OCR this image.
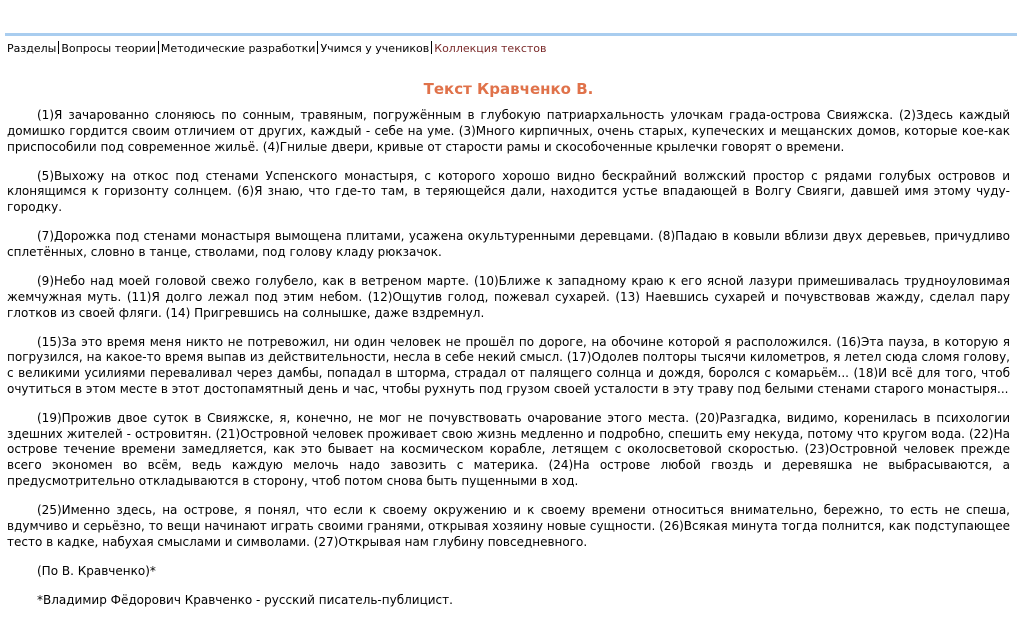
Разделы Вопросы теории Методические разработки Учимся у учеников Коллекция текстов
Текст Кравченко В.

(1)Я зачарованно слоняюсь по сонным, травяным, погружённым в глубокую патриархальность улочкам града-острова Свияжска. (2)Здесь каждый домишко гордится своим отличием от других, каждый - себе на уме. (3)Много кирпичных, очень старых, купеческих и мещанских домов, которые кое-как приспособили под современное жильё. (4)Гнилые двери, кривые от старости рамы и скособоченные крылечки говорят о времени.

(5)Выхожу на откос под стенами Успенского монастыря, с которого хорошо видно бескрайний волжский простор с рядами голубых островов и клонящимся к горизонту солнцем. (6)Я знаю, что где-то там, в теряющейся дали, находится устье впадающей в Волгу Свияги, давшей имя этому чуду-городку.

(7)Дорожка под стенами монастыря вымощена плитами, усажена окультуренными деревцами. (8)Падаю в ковыли вблизи двух деревьев, причудливо сплетённых, словно в танце, стволами, под голову кладу рюкзачок.

(9)Небо над моей головой свежо голубело, как в ветреном марте. (10)Ближе к западному краю к его ясной лазури примешивалась трудноуловимая жемчужная муть. (11)Я долго лежал под этим небом. (12)Ощутив голод, пожевал сухарей. (13) Наевшись сухарей и почувствовав жажду, сделал пару глотков из своей фляги. (14) Пригревшись на солнышке, даже вздремнул.

(15)За это время меня никто не потревожил, ни один человек не прошёл по дороге, на обочине которой я расположился. (16)Эта пауза, в которую я погрузился, на какое-то время выпав из действительности, несла в себе некий смысл. (17)Одолев полторы тысячи километров, я летел сюда сломя голову, с великими усилиями переваливал через дамбы, попадал в шторма, страдал от палящего солнца и дождя, боролся с комарьём... (18)И всё для того, чтоб очутиться в этом месте в этот достопамятный день и час, чтобы рухнуть под грузом своей усталости в эту траву под белыми стенами старого монастыря...

(19)Прожив двое суток в Свияжске, я, конечно, не мог не почувствовать очарование этого места. (20)Разгадка, видимо, коренилась в психологии здешних жителей - островитян. (21)Островной человек проживает свою жизнь медленно и подробно, спешить ему некуда, потому что кругом вода. (22)На острове течение времени замедляется, как это бывает на космическом корабле, летящем с околосветовой скоростью. (23)Островной человек прежде всего экономен во всём, ведь каждую мелочь надо завозить с материка. (24)На острове любой гвоздь и деревяшка не выбрасываются, а предусмотрительно откладываются в сторону, чтоб потом снова быть пущенными в ход.

(25)Именно здесь, на острове, я понял, что если к своему окружению и к своему времени относиться внимательно, бережно, то есть не спеша, вдумчиво и серьёзно, то вещи начинают играть своими гранями, открывая хозяину новые сущности. (26)Всякая минута тогда полнится, как подступающее тесто в кадке, набухая смыслами и символами. (27)Открывая нам глубину повседневного.

(По В. Кравченко)*

*Владимир Фёдорович Кравченко - русский писатель-публицист.
